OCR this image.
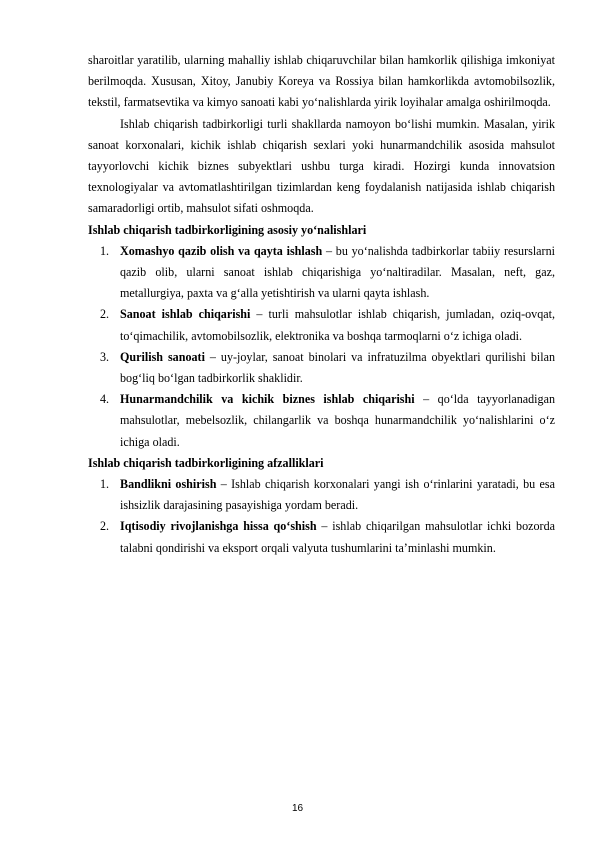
sharoitlar yaratilib, ularning mahalliy ishlab chiqaruvchilar bilan hamkorlik qilishiga imkoniyat berilmoqda. Xususan, Xitoy, Janubiy Koreya va Rossiya bilan hamkorlikda avtomobilsozlik, tekstil, farmatsevtika va kimyo sanoati kabi yo‘nalishlarda yirik loyihalar amalga oshirilmoqda.

Ishlab chiqarish tadbirkorligi turli shakllarda namoyon bo‘lishi mumkin. Masalan, yirik sanoat korxonalari, kichik ishlab chiqarish sexlari yoki hunarmandchilik asosida mahsulot tayyorlovchi kichik biznes subyektlari ushbu turga kiradi. Hozirgi kunda innovatsion texnologiyalar va avtomatlashtirilgan tizimlardan keng foydalanish natijasida ishlab chiqarish samaradorligi ortib, mahsulot sifati oshmoqda.

Ishlab chiqarish tadbirkorligining asosiy yo‘nalishlari

1. Xomashyo qazib olish va qayta ishlash – bu yo‘nalishda tadbirkorlar tabiiy resurslarni qazib olib, ularni sanoat ishlab chiqarishiga yo‘naltiradilar. Masalan, neft, gaz, metallurgiya, paxta va g‘alla yetishtirish va ularni qayta ishlash.
2. Sanoat ishlab chiqarishi – turli mahsulotlar ishlab chiqarish, jumladan, oziq-ovqat, to‘qimachilik, avtomobilsozlik, elektronika va boshqa tarmoqlarni o‘z ichiga oladi.
3. Qurilish sanoati – uy-joylar, sanoat binolari va infratuzilma obyektlari qurilishi bilan bog‘liq bo‘lgan tadbirkorlik shaklidir.
4. Hunarmandchilik va kichik biznes ishlab chiqarishi – qo‘lda tayyorlanadigan mahsulotlar, mebelsozlik, chilangarlik va boshqa hunarmandchilik yo‘nalishlarini o‘z ichiga oladi.

Ishlab chiqarish tadbirkorligining afzalliklari

1. Bandlikni oshirish – Ishlab chiqarish korxonalari yangi ish o‘rinlarini yaratadi, bu esa ishsizlik darajasining pasayishiga yordam beradi.
2. Iqtisodiy rivojlanishga hissa qo‘shish – ishlab chiqarilgan mahsulotlar ichki bozorda talabni qondirishi va eksport orqali valyuta tushumlarini ta’minlashi mumkin.
16
